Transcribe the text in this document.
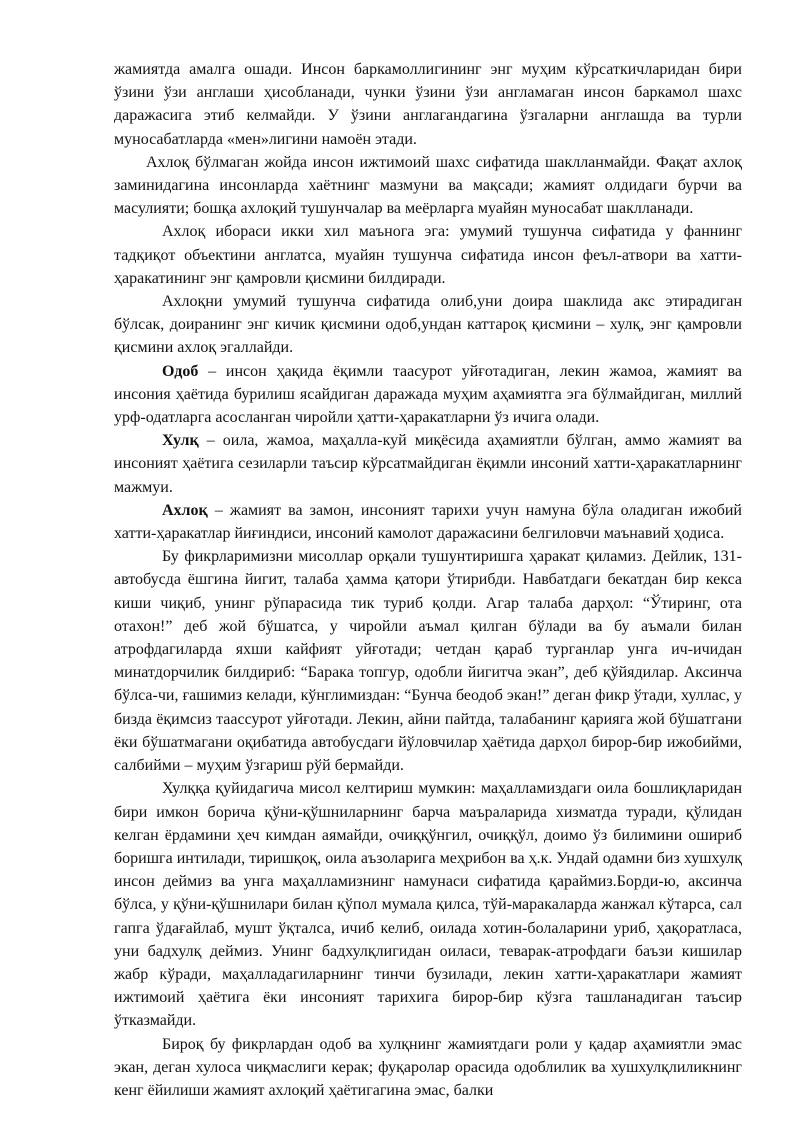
жамиятда амалга ошади. Инсон баркамоллигининг энг муҳим кўрсаткичларидан бири ўзини ўзи англаши ҳисобланади, чунки ўзини ўзи англамаган инсон баркамол шахс даражасига этиб келмайди. У ўзини англагандагина ўзгаларни англашда ва турли муносабатларда «мен»лигини намоён этади.

Ахлоқ бўлмаган жойда инсон ижтимоий шахс сифатида шаклланмайди. Фақат ахлоқ заминидагина инсонларда хаётнинг мазмуни ва мақсади; жамият олдидаги бурчи ва масулияти; бошқа ахлоқий тушунчалар ва меёрларга муайян муносабат шаклланади.

Ахлоқ ибораси икки хил маънога эга: умумий тушунча сифатида у фаннинг тадқиқот объектини англатса, муайян тушунча сифатида инсон феъл-атвори ва хатти-ҳаракатининг энг қамровли қисмини билдиради.

Ахлоқни умумий тушунча сифатида олиб,уни доира шаклида акс этирадиган бўлсак, доиранинг энг кичик қисмини одоб,ундан каттароқ қисмини – хулқ, энг қамровли қисмини ахлоқ эгаллайди.

Одоб – инсон ҳақида ёқимли таасурот уйғотадиган, лекин жамоа, жамият ва инсония ҳаётида бурилиш ясайдиган даражада муҳим аҳамиятга эга бўлмайдиган, миллий урф-одатларга асосланган чиройли ҳатти-ҳаракатларни ўз ичига олади.

Хулқ – оила, жамоа, маҳалла-куй миқёсида аҳамиятли бўлган, аммо жамият ва инсоният ҳаётига сезиларли таъсир кўрсатмайдиган ёқимли инсоний хатти-ҳаракатларнинг мажмуи.

Ахлоқ – жамият ва замон, инсоният тарихи учун намуна бўла оладиган ижобий хатти-ҳаракатлар йиғиндиси, инсоний камолот даражасини белгиловчи маънавий ҳодиса.

Бу фикрларимизни мисоллар орқали тушунтиришга ҳаракат қиламиз. Дейлик, 131-автобусда ёшгина йигит, талаба ҳамма қатори ўтирибди. Навбатдаги бекатдан бир кекса киши чиқиб, унинг рўпарасида тик туриб қолди. Агар талаба дарҳол: “Ўтиринг, ота отахон!” деб жой бўшатса, у чиройли аъмал қилган бўлади ва бу аъмали билан атрофдагиларда яхши кайфият уйғотади; четдан қараб турганлар унга ич-ичидан минатдорчилик билдириб: “Барака топгур, одобли йигитча экан”, деб қўйядилар. Аксинча бўлса-чи, ғашимиз келади, кўнглимиздан: “Бунча беодоб экан!” деган фикр ўтади, хуллас, у бизда ёқимсиз таассурот уйғотади. Лекин, айни пайтда, талабанинг қарияга жой бўшатгани ёки бўшатмагани оқибатида автобусдаги йўловчилар ҳаётида дарҳол бирор-бир ижобийми, салбийми – муҳим ўзгариш рўй бермайди.

Хулққа қуйидагича мисол келтириш мумкин: маҳалламиздаги оила бошлиқларидан бири имкон борича қўни-қўшниларнинг барча маъраларида хизматда туради, қўлидан келган ёрдамини ҳеч кимдан аямайди, очиққўнгил, очиққўл, доимо ўз билимини ошириб боришга интилади, тиришқоқ, оила аъзоларига меҳрибон ва ҳ.к. Ундай одамни биз хушхулқ инсон деймиз ва унга маҳалламизнинг намунаси сифатида қараймиз.Борди-ю, аксинча бўлса, у қўни-қўшнилари билан қўпол мумала қилса, тўй-маракаларда жанжал кўтарса, сал гапга ўдағайлаб, мушт ўқталса, ичиб келиб, оилада хотин-болаларини уриб, ҳақоратласа, уни бадхулқ деймиз. Унинг бадхулқлигидан оиласи, теварак-атрофдаги баъзи кишилар жабр кўради, маҳалладагиларнинг тинчи бузилади, лекин хатти-ҳаракатлари жамият ижтимоий ҳаётига ёки инсоният тарихига бирор-бир кўзга ташланадиган таъсир ўтказмайди.

Бироқ бу фикрлардан одоб ва хулқнинг жамиятдаги роли у қадар аҳамиятли эмас экан, деган хулоса чиқмаслиги керак; фуқаролар орасида одоблилик ва хушхулқлиликнинг кенг ёйилиши жамият ахлоқий ҳаётигагина эмас, балки
